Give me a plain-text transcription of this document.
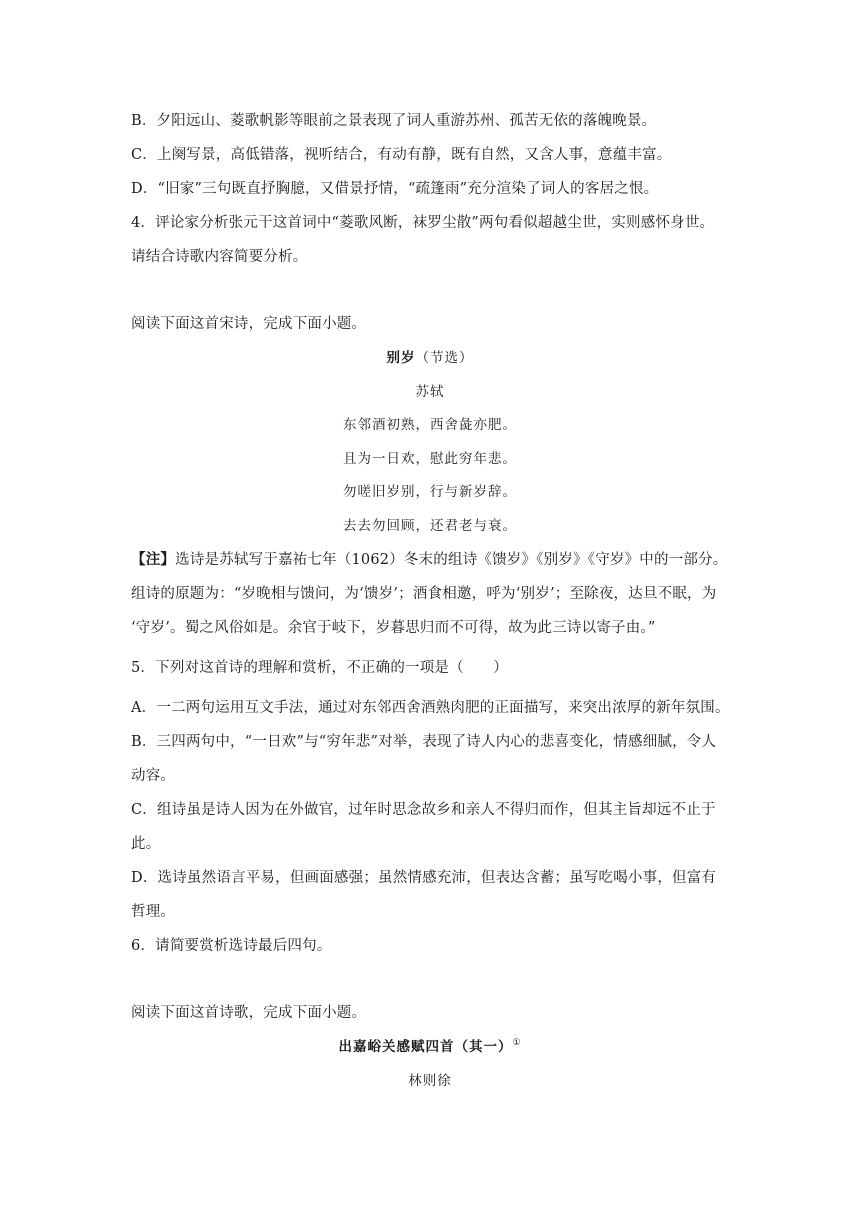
B．夕阳远山、菱歌帆影等眼前之景表现了词人重游苏州、孤苦无依的落魄晚景。
C．上阕写景，高低错落，视听结合，有动有静，既有自然，又含人事，意蕴丰富。
D．“旧家”三句既直抒胸臆，又借景抒情，“疏篷雨”充分渲染了词人的客居之恨。
4．评论家分析张元干这首词中“菱歌风断，袜罗尘散”两句看似超越尘世，实则感怀身世。
请结合诗歌内容简要分析。
阅读下面这首宋诗，完成下面小题。
别岁（节选）
苏轼
东邻酒初熟，西舍彘亦肥。
且为一日欢，慰此穷年悲。
勿嗟旧岁别，行与新岁辞。
去去勿回顾，还君老与衰。
【注】选诗是苏轼写于嘉祐七年（1062）冬末的组诗《馈岁》《别岁》《守岁》中的一部分。
组诗的原题为：“岁晚相与馈问，为‘馈岁’；酒食相邀，呼为‘别岁’；至除夜，达旦不眠，为
‘守岁’。蜀之风俗如是。余官于岐下，岁暮思归而不可得，故为此三诗以寄子由。”
5．下列对这首诗的理解和赏析，不正确的一项是（　　）
A．一二两句运用互文手法，通过对东邻西舍酒熟肉肥的正面描写，来突出浓厚的新年氛围。
B．三四两句中，“一日欢”与“穷年悲”对举，表现了诗人内心的悲喜变化，情感细腻，令人
动容。
C．组诗虽是诗人因为在外做官，过年时思念故乡和亲人不得归而作，但其主旨却远不止于
此。
D．选诗虽然语言平易，但画面感强；虽然情感充沛，但表达含蓄；虽写吃喝小事，但富有
哲理。
6．请简要赏析选诗最后四句。
阅读下面这首诗歌，完成下面小题。
出嘉峪关感赋四首（其一）①
林则徐
